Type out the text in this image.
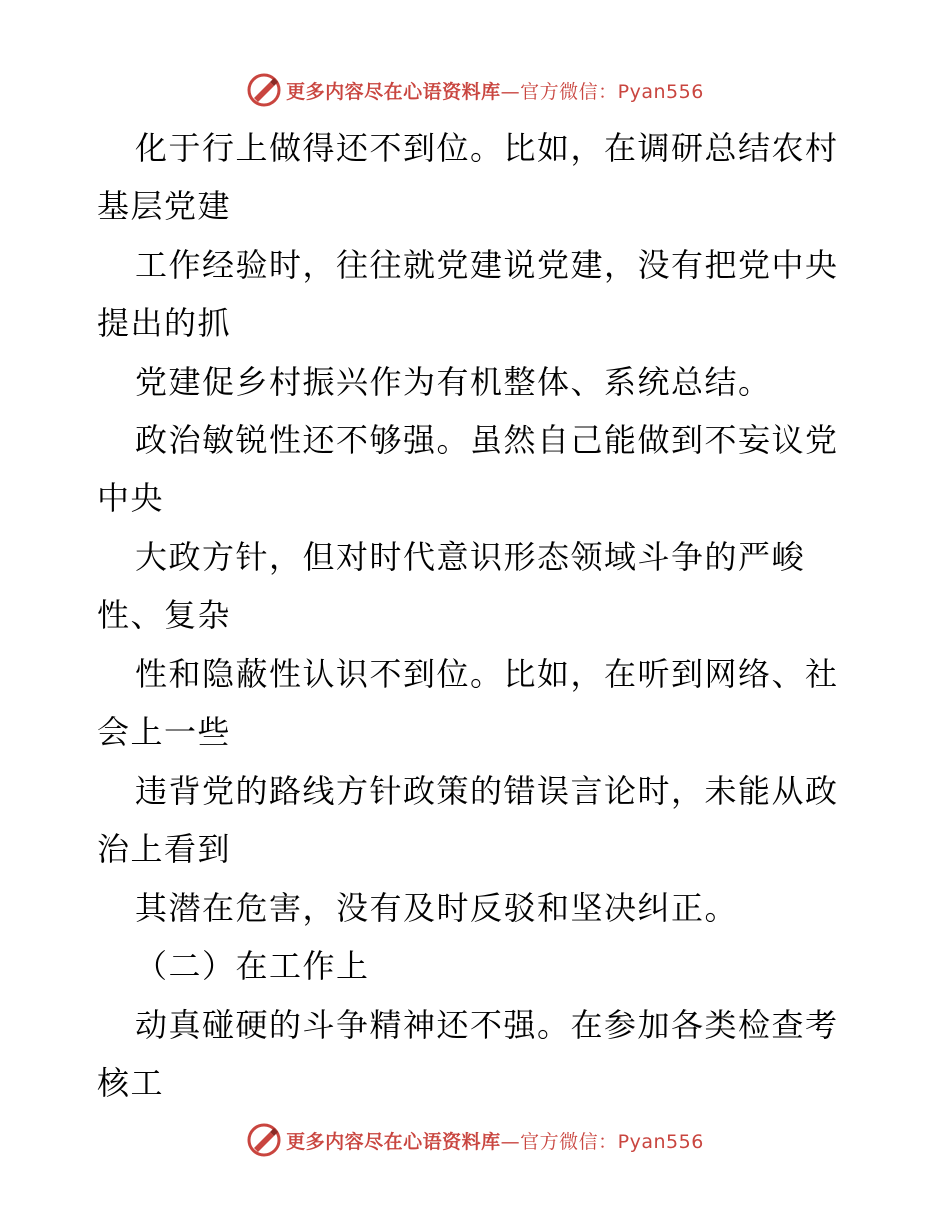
更多内容尽在心语资料库—官方微信：Pyan556
化于行上做得还不到位。比如，在调研总结农村
基层党建
工作经验时，往往就党建说党建，没有把党中央
提出的抓
党建促乡村振兴作为有机整体、系统总结。
政治敏锐性还不够强。虽然自己能做到不妄议党
中央
大政方针，但对时代意识形态领域斗争的严峻
性、复杂
性和隐蔽性认识不到位。比如，在听到网络、社
会上一些
违背党的路线方针政策的错误言论时，未能从政
治上看到
其潜在危害，没有及时反驳和坚决纠正。
（二）在工作上
动真碰硬的斗争精神还不强。在参加各类检查考
核工
更多内容尽在心语资料库—官方微信：Pyan556
